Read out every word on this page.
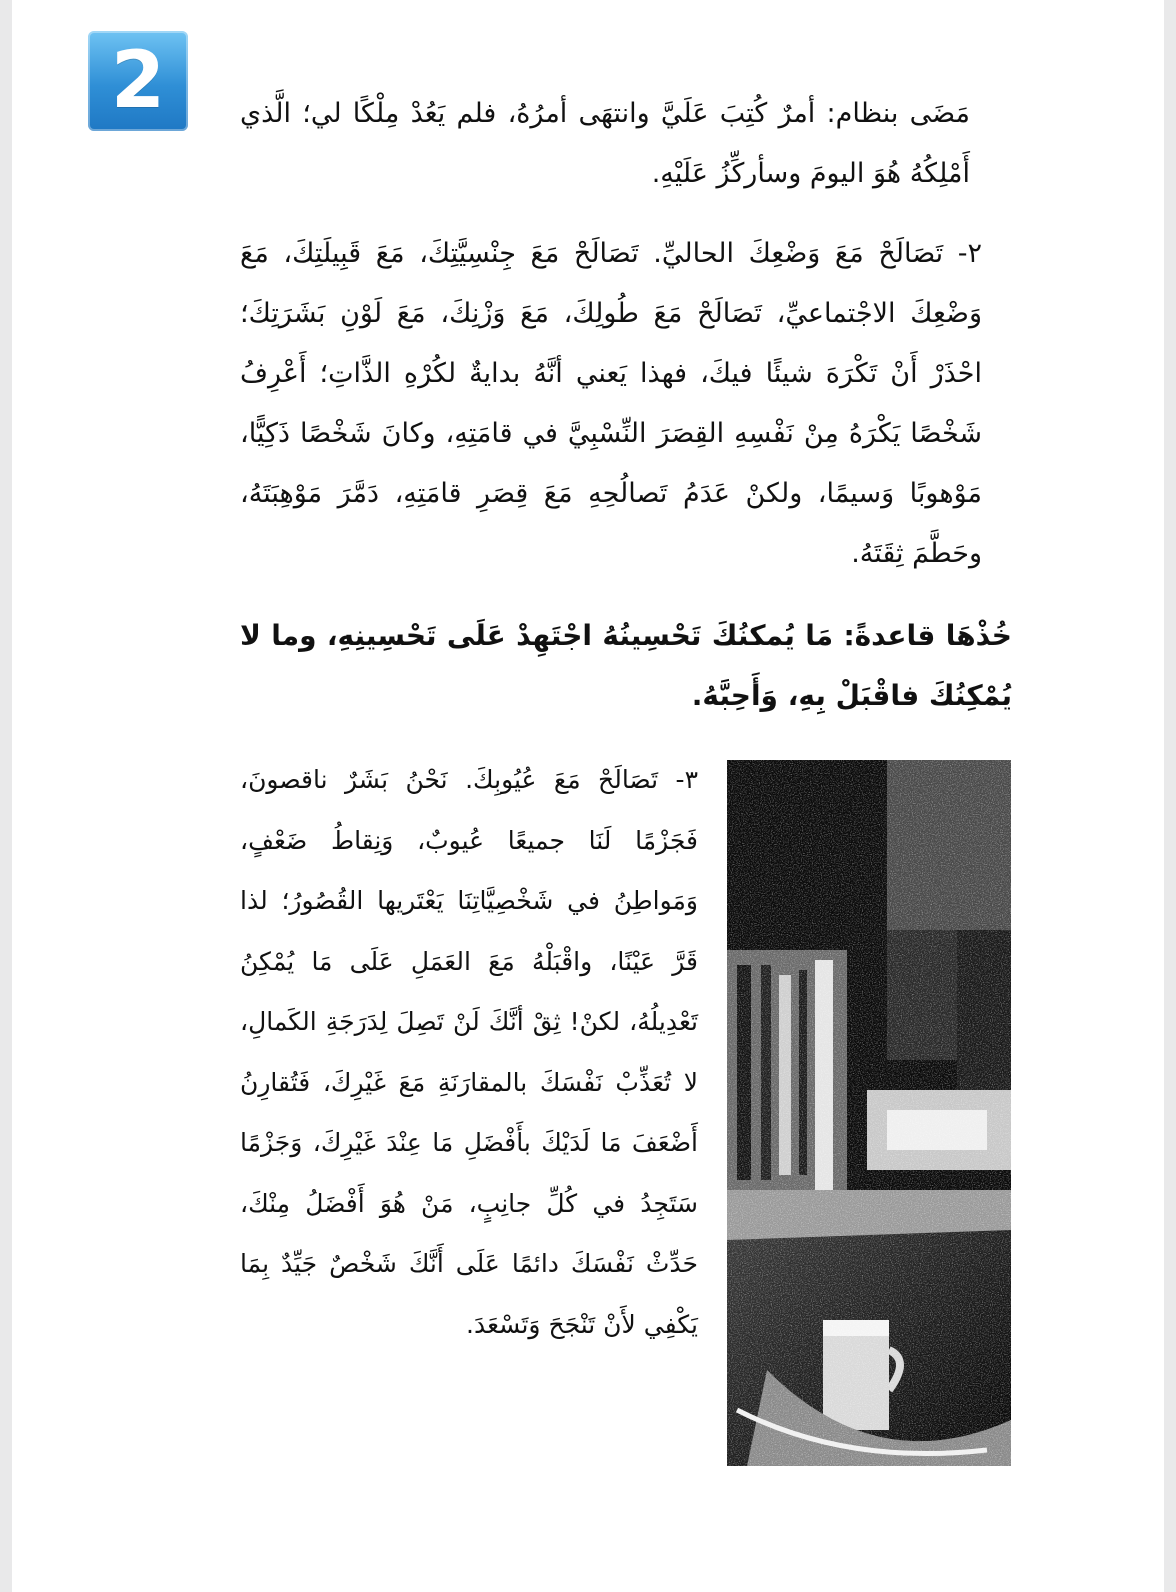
2	مَضَى بنظام: أمرٌ كُتِبَ عَلَيَّ وانتهَى أمرُهُ، فلم يَعُدْ مِلْكًا لي؛ الَّذي أَمْلِكُهُ هُوَ اليومَ وسأركِّزُ عَلَيْهِ.

٢- تَصَالَحْ مَعَ وَضْعِكَ الحاليِّ. تَصَالَحْ مَعَ جِنْسِيَّتِكَ، مَعَ قَبِيلَتِكَ، مَعَ وَضْعِكَ الاجْتماعيِّ، تَصَالَحْ مَعَ طُولِكَ، مَعَ وَزْنِكَ، مَعَ لَوْنِ بَشَرَتِكَ؛ احْذَرْ أَنْ تَكْرَهَ شيئًا فيكَ، فهذا يَعني أنَّهُ بدايةٌ لكُرْهِ الذَّاتِ؛ أَعْرِفُ شَخْصًا يَكْرَهُ مِنْ نَفْسِهِ القِصَرَ النِّسْبِيَّ في قامَتِهِ، وكانَ شَخْصًا ذَكِيًّا، مَوْهوبًا وَسيمًا، ولكنْ عَدَمُ تَصالُحِهِ مَعَ قِصَرِ قامَتِهِ، دَمَّرَ مَوْهِبَتَهُ، وحَطَّمَ ثِقَتَهُ.

خُذْهَا قاعدةً: مَا يُمكنُكَ تَحْسِينُهُ اجْتَهِدْ عَلَى تَحْسِينِهِ، وما لا يُمْكِنُكَ فاقْبَلْ بِهِ، وَأَحِبَّهُ.

٣- تَصَالَحْ مَعَ عُيُوبِكَ. نَحْنُ بَشَرٌ ناقصونَ، فَجَزْمًا لَنَا جميعًا عُيوبٌ، وَنِقاطُ ضَعْفٍ، وَمَواطِنُ في شَخْصِيَّاتِنَا يَعْتَريها القُصُورُ؛ لذا قَرَّ عَيْنًا، واقْبَلْهُ مَعَ العَمَلِ عَلَى مَا يُمْكِنُ تَعْدِيلُهُ، لكنْ! ثِقْ أنَّكَ لَنْ تَصِلَ لِدَرَجَةِ الكَمالِ، لا تُعَذِّبْ نَفْسَكَ بالمقارَنَةِ مَعَ غَيْرِكَ، فَتُقارِنُ أَضْعَفَ مَا لَدَيْكَ بأَفْضَلِ مَا عِنْدَ غَيْرِكَ، وَجَزْمًا سَتَجِدُ في كُلِّ جانِبٍ، مَنْ هُوَ أَفْضَلُ مِنْكَ، حَدِّثْ نَفْسَكَ دائمًا عَلَى أَنَّكَ شَخْصٌ جَيِّدٌ بِمَا يَكْفِي لأَنْ تَنْجَحَ وَتَسْعَدَ.
